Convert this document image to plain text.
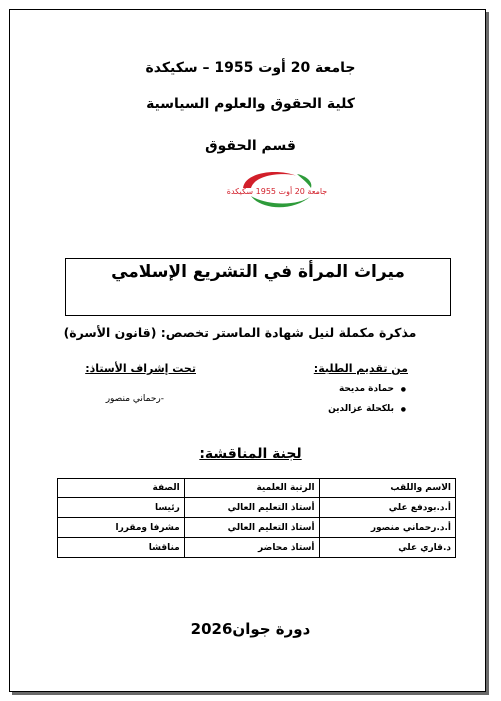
جامعة 20 أوت 1955 – سكيكدة
كلية الحقوق والعلوم السياسية
قسم الحقوق
جامعة 20 أوت 1955 سكيكدة
ميراث المرأة في التشريع الإسلامي
مذكرة مكملة لنيل شهادة الماستر تخصص: (قانون الأسرة)
من تقديم الطلبة:
● حمادة مديحة
● بلكحلة عزالدين
تحت إشراف الأستاذ:
-رحماني منصور
لجنة المناقشة:
الاسم واللقب	الرتبة العلمية	الصفة
أ.د.بودفع علي	أستاذ التعليم العالي	رئيسا
أ.د.رحماني منصور	أستاذ التعليم العالي	مشرفا ومقررا
د.قاري علي	أستاذ محاضر	مناقشا
دورة جوان2026
